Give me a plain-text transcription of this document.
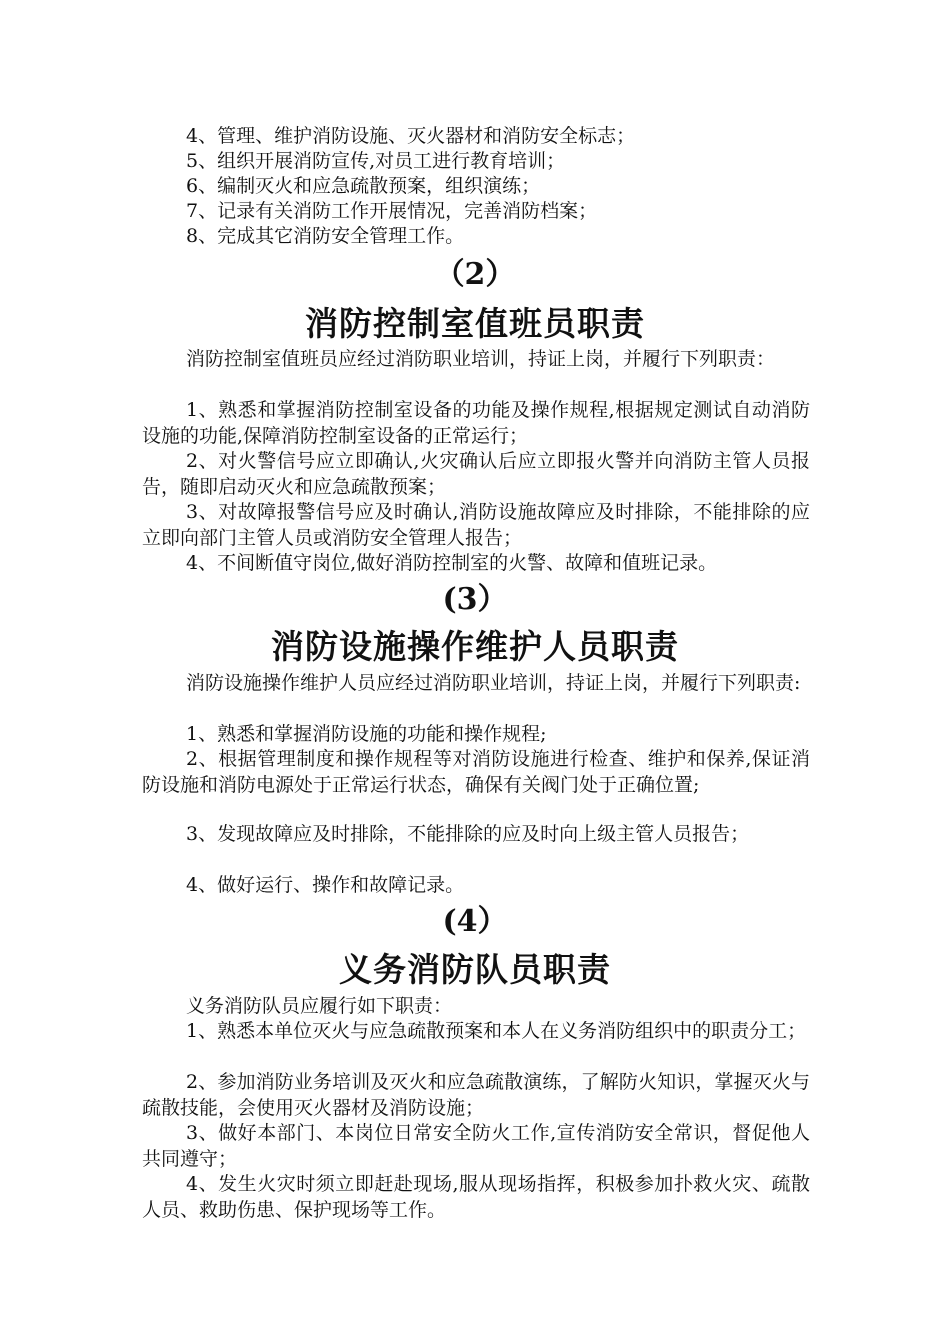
4、管理、维护消防设施、灭火器材和消防安全标志；

5、组织开展消防宣传,对员工进行教育培训；

6、编制灭火和应急疏散预案，组织演练；

7、记录有关消防工作开展情况，完善消防档案；

8、完成其它消防安全管理工作。

（2）
消防控制室值班员职责

消防控制室值班员应经过消防职业培训，持证上岗，并履行下列职责：

1、熟悉和掌握消防控制室设备的功能及操作规程,根据规定测试自动消防设施的功能,保障消防控制室设备的正常运行；

2、对火警信号应立即确认,火灾确认后应立即报火警并向消防主管人员报告，随即启动灭火和应急疏散预案；

3、对故障报警信号应及时确认,消防设施故障应及时排除，不能排除的应立即向部门主管人员或消防安全管理人报告；

4、不间断值守岗位,做好消防控制室的火警、故障和值班记录。

(3）
消防设施操作维护人员职责

消防设施操作维护人员应经过消防职业培训，持证上岗，并履行下列职责:

1、熟悉和掌握消防设施的功能和操作规程;

2、根据管理制度和操作规程等对消防设施进行检查、维护和保养,保证消防设施和消防电源处于正常运行状态，确保有关阀门处于正确位置;

3、发现故障应及时排除，不能排除的应及时向上级主管人员报告；

4、做好运行、操作和故障记录。

(4）
义务消防队员职责

义务消防队员应履行如下职责：

1、熟悉本单位灭火与应急疏散预案和本人在义务消防组织中的职责分工；

2、参加消防业务培训及灭火和应急疏散演练，了解防火知识，掌握灭火与疏散技能，会使用灭火器材及消防设施；

3、做好本部门、本岗位日常安全防火工作,宣传消防安全常识，督促他人共同遵守；

4、发生火灾时须立即赶赴现场,服从现场指挥，积极参加扑救火灾、疏散人员、救助伤患、保护现场等工作。
